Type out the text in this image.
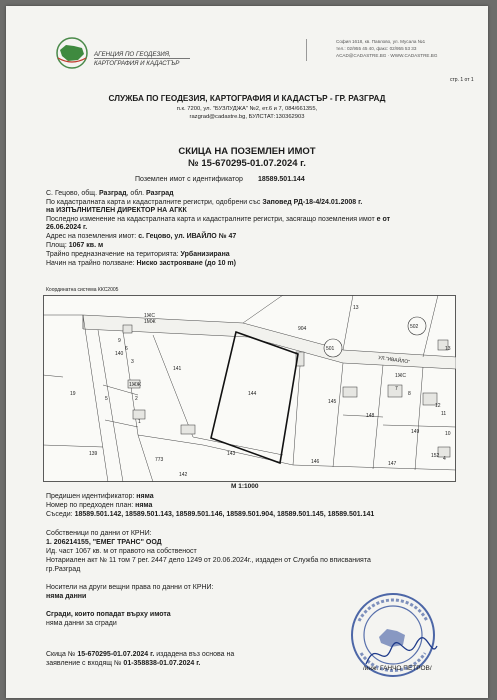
АГЕНЦИЯ ПО ГЕОДЕЗИЯ,
КАРТОГРАФИЯ И КАДАСТЪР
София 1618, кв. Павлово, ул. Мусала №1
тел.: 02/955 45 40, факс: 02/955 53 33
ACAD@CADASTRE.BG · WWW.CADASTRE.BG
стр. 1 от 1
СЛУЖБА ПО ГЕОДЕЗИЯ, КАРТОГРАФИЯ И КАДАСТЪР - ГР. РАЗГРАД
п.к. 7200, ул. "БУЗЛУДЖА" №2, ет.6 и 7, 084/661355,
razgrad@cadastre.bg, БУЛСТАТ:130362903
СКИЦА НА ПОЗЕМЛЕН ИМОТ
№ 15-670295-01.07.2024 г.
Поземлен имот с идентификатор 18589.501.144
С. Гецово, общ. Разград, обл. Разград
По кадастралната карта и кадастралните регистри, одобрени със Заповед РД-18-4/24.01.2008 г.
на ИЗПЪЛНИТЕЛЕН ДИРЕКТОР НА АГКК
Последно изменение на кадастралната карта и кадастралните регистри, засягащо поземления имот е от
26.06.2024 г.
Адрес на поземления имот: с. Гецово, ул. ИВАЙЛО № 47
Площ: 1067 кв. м
Трайно предназначение на територията: Урбанизирана
Начин на трайно ползване: Ниско застрояване (до 10 m)
Координатна система ККС2005
13
904	502
501
УЛ."ИВАЙЛО"
140
141
144
145
148
149
19
139
773
142
143
146	147
152
9
6
3
2
1
5
7
8
11
10
12
13
4
1ЖС
1МЖ
1ЖЖ
1ЖС
М 1:1000
Предишен идентификатор: няма
Номер по предходен план: няма
Съседи: 18589.501.142, 18589.501.143, 18589.501.146, 18589.501.904, 18589.501.145, 18589.501.141
Собственици по данни от КРНИ:
1. 206214155, "ЕМЕГ ТРАНС" ООД
Ид. част 1067 кв. м от правото на собственост
Нотариален акт № 11 том 7 рег. 2447 дело 1249 от 20.06.2024г., издаден от Служба по вписванията
гр.Разград
Носители на други вещни права по данни от КРНИ:
няма данни
Сгради, които попадат върху имота
няма данни за сгради
Скица № 15-670295-01.07.2024 г. издадена въз основа на
заявление с входящ № 01-358838-01.07.2024 г.
/инж. ГАНЧО ПЕТРОВ/
